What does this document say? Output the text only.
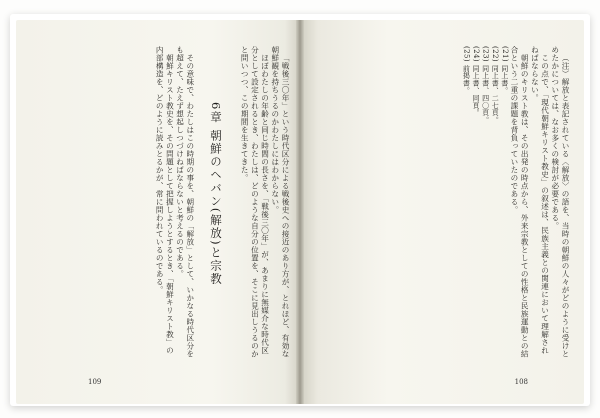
「戦後三〇年」という時代区分による戦後史への接近のあり方が、とれほど、有効な朝鮮観を持ちうるのかわたしにはわからない。

ほぼわたしの年齢と同じ時間の長さを、「戦後三〇年」が、あまりに無媒介な時代区分として設定されるとき、わたしは、どのような自分の位置を、そこに見出しうるのかと問いつつ、この期間を生きてきた。

6章 朝鮮のヘバン(解放)と宗教

その意味で、わたしはこの時期の事を、朝鮮の「解放」として、いかなる時代区分をも超えて、たえず想起しつづけねばならないと考えるのである。

朝鮮キリスト教史を、その問題として把握しようとするとき、「朝鮮キリスト教」の内部構造を、どのように読みとるかが、常に問われているのである。

109

（注）解放と表記されている〈解放〉の語を、当時の朝鮮の人々がどのように受けとめたかについては、なお多くの検討が必要である。

この点で、「現代朝鮮キリスト教史」の叙述は、民族主義との関連において理解されねばならない。

朝鮮のキリスト教は、その出発の時点から、外来宗教としての性格と民族運動との結合という二重の課題を背負っていたのである。

(21) 同上書。

(22) 同上書、二七頁。

(23) 同上書、四〇頁。

(24) 同上書、同頁。

(25) 前掲書。

108
